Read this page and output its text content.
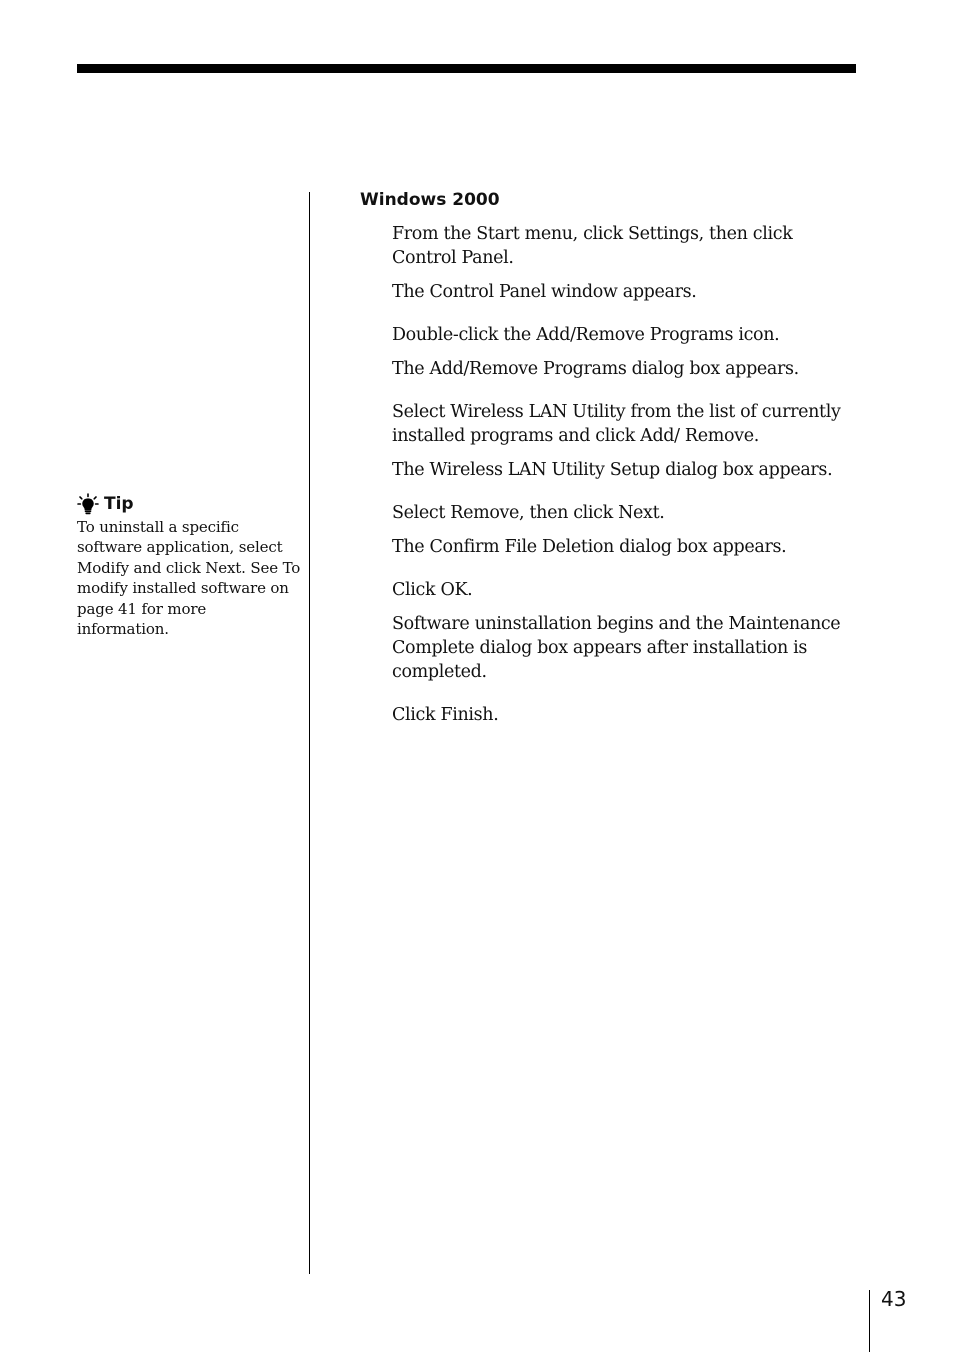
Tip

To uninstall a specific software application, select Modify and click Next. See To modify installed software on page 41 for more information.

Windows 2000

From the Start menu, click Settings, then click Control Panel.

The Control Panel window appears.

Double-click the Add/Remove Programs icon.

The Add/Remove Programs dialog box appears.

Select Wireless LAN Utility from the list of currently installed programs and click Add/ Remove.

The Wireless LAN Utility Setup dialog box appears.

Select Remove, then click Next.

The Confirm File Deletion dialog box appears.

Click OK.

Software uninstallation begins and the Maintenance Complete dialog box appears after installation is completed.

Click Finish.

43
